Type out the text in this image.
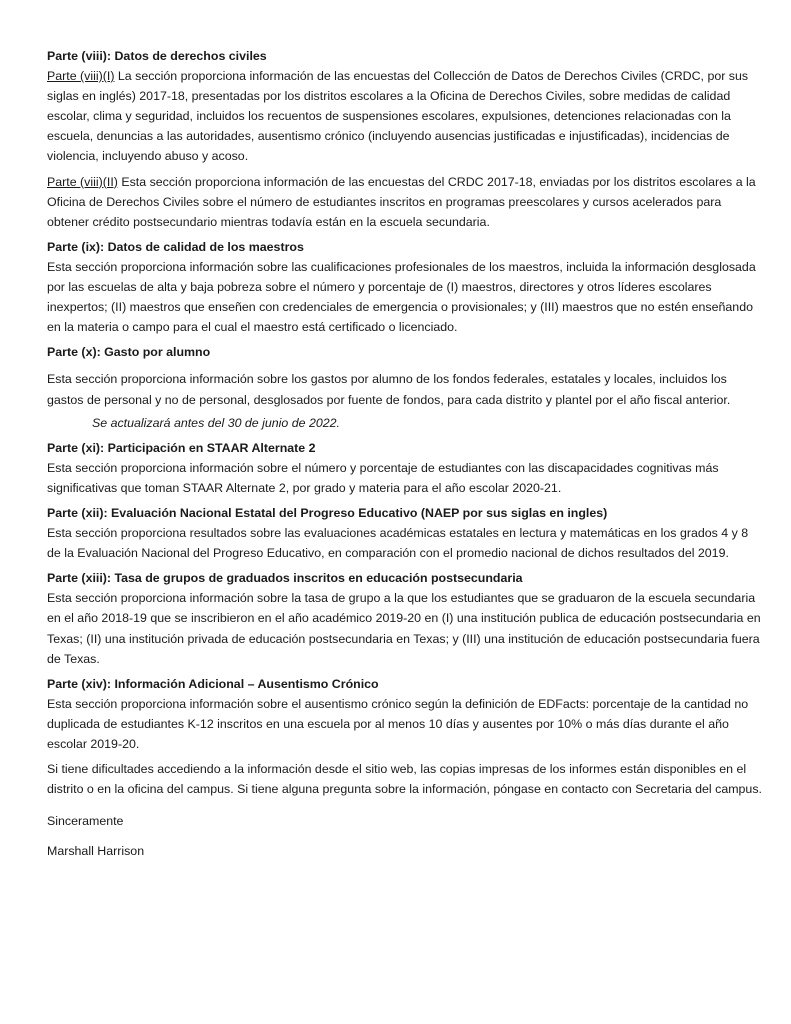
Parte (viii): Datos de derechos civiles

Parte (viii)(I) La sección proporciona información de las encuestas del Collección de Datos de Derechos Civiles (CRDC, por sus siglas en inglés) 2017-18, presentadas por los distritos escolares a la Oficina de Derechos Civiles, sobre medidas de calidad escolar, clima y seguridad, incluidos los recuentos de suspensiones escolares, expulsiones, detenciones relacionadas con la escuela, denuncias a las autoridades, ausentismo crónico (incluyendo ausencias justificadas e injustificadas), incidencias de violencia, incluyendo abuso y acoso.

Parte (viii)(II) Esta sección proporciona información de las encuestas del CRDC 2017-18, enviadas por los distritos escolares a la Oficina de Derechos Civiles sobre el número de estudiantes inscritos en programas preescolares y cursos acelerados para obtener crédito postsecundario mientras todavía están en la escuela secundaria.

Parte (ix): Datos de calidad de los maestros

Esta sección proporciona información sobre las cualificaciones profesionales de los maestros, incluida la información desglosada por las escuelas de alta y baja pobreza sobre el número y porcentaje de (I) maestros, directores y otros líderes escolares inexpertos; (II) maestros que enseñen con credenciales de emergencia o provisionales; y (III) maestros que no estén enseñando en la materia o campo para el cual el maestro está certificado o licenciado.

Parte (x): Gasto por alumno

Esta sección proporciona información sobre los gastos por alumno de los fondos federales, estatales y locales, incluidos los gastos de personal y no de personal, desglosados por fuente de fondos, para cada distrito y plantel por el año fiscal anterior.

Se actualizará antes del 30 de junio de 2022.

Parte (xi): Participación en STAAR Alternate 2

Esta sección proporciona información sobre el número y porcentaje de estudiantes con las discapacidades cognitivas más significativas que toman STAAR Alternate 2, por grado y materia para el año escolar 2020-21.

Parte (xii): Evaluación Nacional Estatal del Progreso Educativo (NAEP por sus siglas en ingles)

Esta sección proporciona resultados sobre las evaluaciones académicas estatales en lectura y matemáticas en los grados 4 y 8 de la Evaluación Nacional del Progreso Educativo, en comparación con el promedio nacional de dichos resultados del 2019.

Parte (xiii): Tasa de grupos de graduados inscritos en educación postsecundaria

Esta sección proporciona información sobre la tasa de grupo a la que los estudiantes que se graduaron de la escuela secundaria en el año 2018-19 que se inscribieron en el año académico 2019-20 en (I) una institución publica de educación postsecundaria en Texas; (II) una institución privada de educación postsecundaria en Texas; y (III) una institución de educación postsecundaria fuera de Texas.

Parte (xiv): Información Adicional – Ausentismo Crónico

Esta sección proporciona información sobre el ausentismo crónico según la definición de EDFacts: porcentaje de la cantidad no duplicada de estudiantes K-12 inscritos en una escuela por al menos 10 días y ausentes por 10% o más días durante el año escolar 2019-20.

Si tiene dificultades accediendo a la información desde el sitio web, las copias impresas de los informes están disponibles en el distrito o en la oficina del campus. Si tiene alguna pregunta sobre la información, póngase en contacto con Secretaria del campus.

Sinceramente

Marshall Harrison
